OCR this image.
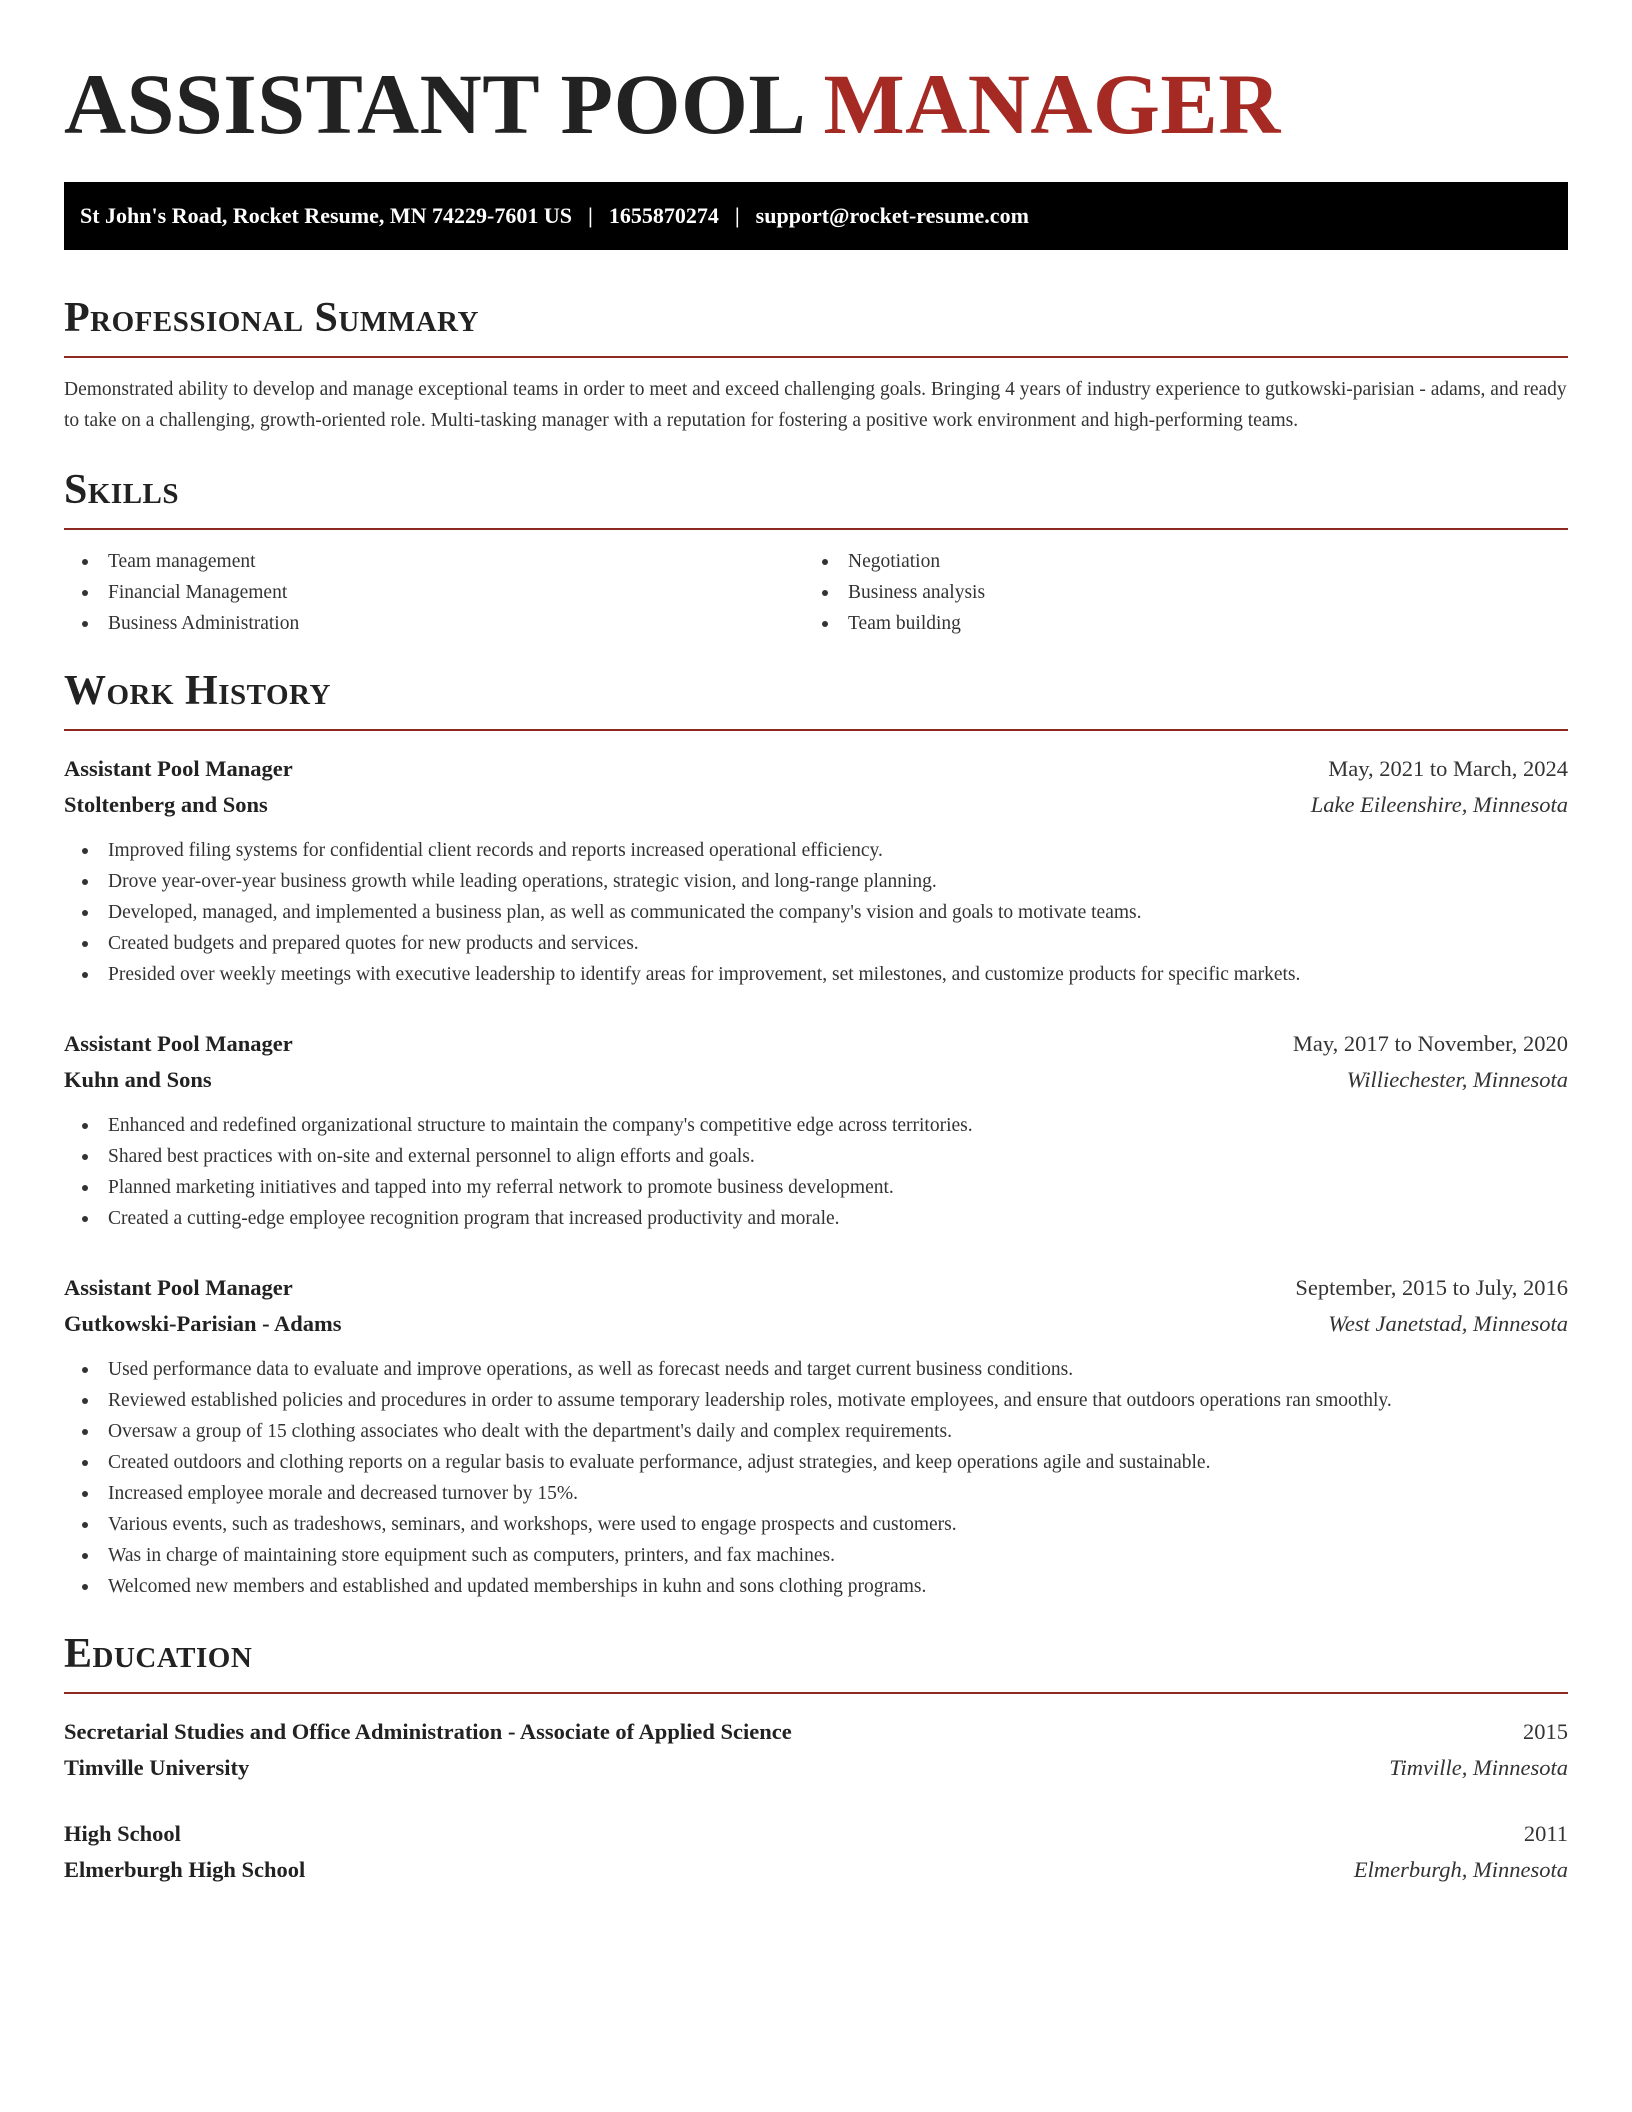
ASSISTANT POOL MANAGER
St John's Road, Rocket Resume, MN 74229-7601 US | 1655870274 | support@rocket-resume.com
Professional Summary

Demonstrated ability to develop and manage exceptional teams in order to meet and exceed challenging goals. Bringing 4 years of industry experience to gutkowski-parisian - adams, and ready to take on a challenging, growth-oriented role. Multi-tasking manager with a reputation for fostering a positive work environment and high-performing teams.

Skills
Team management
Financial Management
Business Administration
Negotiation
Business analysis
Team building
Work History
Assistant Pool Manager	May, 2021 to March, 2024
Stoltenberg and Sons	Lake Eileenshire, Minnesota
Improved filing systems for confidential client records and reports increased operational efficiency.
Drove year-over-year business growth while leading operations, strategic vision, and long-range planning.
Developed, managed, and implemented a business plan, as well as communicated the company's vision and goals to motivate teams.
Created budgets and prepared quotes for new products and services.
Presided over weekly meetings with executive leadership to identify areas for improvement, set milestones, and customize products for specific markets.
Assistant Pool Manager	May, 2017 to November, 2020
Kuhn and Sons	Williechester, Minnesota
Enhanced and redefined organizational structure to maintain the company's competitive edge across territories.
Shared best practices with on-site and external personnel to align efforts and goals.
Planned marketing initiatives and tapped into my referral network to promote business development.
Created a cutting-edge employee recognition program that increased productivity and morale.
Assistant Pool Manager	September, 2015 to July, 2016
Gutkowski-Parisian - Adams	West Janetstad, Minnesota
Used performance data to evaluate and improve operations, as well as forecast needs and target current business conditions.
Reviewed established policies and procedures in order to assume temporary leadership roles, motivate employees, and ensure that outdoors operations ran smoothly.
Oversaw a group of 15 clothing associates who dealt with the department's daily and complex requirements.
Created outdoors and clothing reports on a regular basis to evaluate performance, adjust strategies, and keep operations agile and sustainable.
Increased employee morale and decreased turnover by 15%.
Various events, such as tradeshows, seminars, and workshops, were used to engage prospects and customers.
Was in charge of maintaining store equipment such as computers, printers, and fax machines.
Welcomed new members and established and updated memberships in kuhn and sons clothing programs.
Education
Secretarial Studies and Office Administration - Associate of Applied Science	2015
Timville University	Timville, Minnesota
High School	2011
Elmerburgh High School	Elmerburgh, Minnesota
